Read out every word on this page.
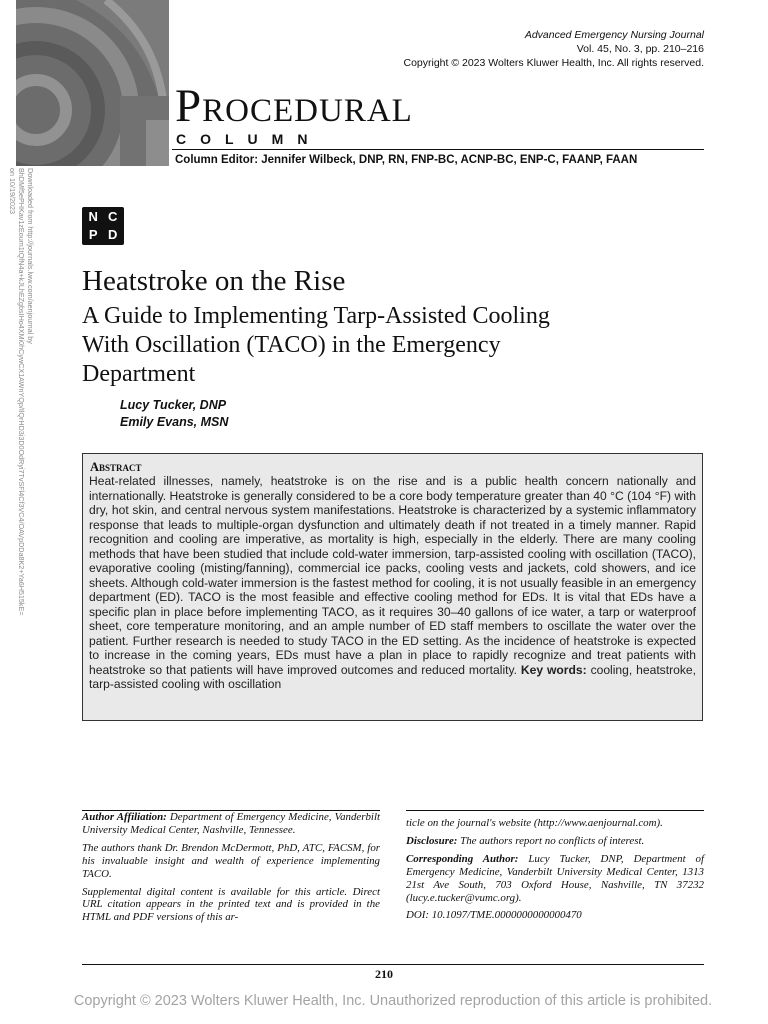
Advanced Emergency Nursing Journal
Vol. 45, No. 3, pp. 210–216
Copyright © 2023 Wolters Kluwer Health, Inc. All rights reserved.
Procedural
COLUMN
Column Editor: Jennifer Wilbeck, DNP, RN, FNP-BC, ACNP-BC, ENP-C, FAANP, FAAN
Downloaded from http://journals.lww.com/aenjournal by BhDMf5ePHKav1zEoum1tQfN4a+kJLhEZgbsIHo4XMi0hCywCX1AWnYQp/IlQrHD3i3D0OdRyi7TvSFl4Cf3VC4/OAVpDDa8K2+Ya6H515kE= on 10/19/2023
N C
P D
Heatstroke on the Rise
A Guide to Implementing Tarp-Assisted Cooling With Oscillation (TACO) in the Emergency Department
Lucy Tucker, DNP
Emily Evans, MSN
Abstract
Heat-related illnesses, namely, heatstroke is on the rise and is a public health concern nationally and internationally. Heatstroke is generally considered to be a core body temperature greater than 40 °C (104 °F) with dry, hot skin, and central nervous system manifestations. Heatstroke is characterized by a systemic inflammatory response that leads to multiple-organ dysfunction and ultimately death if not treated in a timely manner. Rapid recognition and cooling are imperative, as mortality is high, especially in the elderly. There are many cooling methods that have been studied that include cold-water immersion, tarp-assisted cooling with oscillation (TACO), evaporative cooling (misting/fanning), commercial ice packs, cooling vests and jackets, cold showers, and ice sheets. Although cold-water immersion is the fastest method for cooling, it is not usually feasible in an emergency department (ED). TACO is the most feasible and effective cooling method for EDs. It is vital that EDs have a specific plan in place before implementing TACO, as it requires 30–40 gallons of ice water, a tarp or waterproof sheet, core temperature monitoring, and an ample number of ED staff members to oscillate the water over the patient. Further research is needed to study TACO in the ED setting. As the incidence of heatstroke is expected to increase in the coming years, EDs must have a plan in place to rapidly recognize and treat patients with heatstroke so that patients will have improved outcomes and reduced mortality. Key words: cooling, heatstroke, tarp-assisted cooling with oscillation

Author Affiliation: Department of Emergency Medicine, Vanderbilt University Medical Center, Nashville, Tennessee.

The authors thank Dr. Brendon McDermott, PhD, ATC, FACSM, for his invaluable insight and wealth of experience implementing TACO.

Supplemental digital content is available for this article. Direct URL citation appears in the printed text and is provided in the HTML and PDF versions of this ar-

ticle on the journal's website (http://www.aenjournal.com).

Disclosure: The authors report no conflicts of interest.

Corresponding Author: Lucy Tucker, DNP, Department of Emergency Medicine, Vanderbilt University Medical Center, 1313 21st Ave South, 703 Oxford House, Nashville, TN 37232 (lucy.e.tucker@vumc.org).

DOI: 10.1097/TME.0000000000000470

210
Copyright © 2023 Wolters Kluwer Health, Inc. Unauthorized reproduction of this article is prohibited.
